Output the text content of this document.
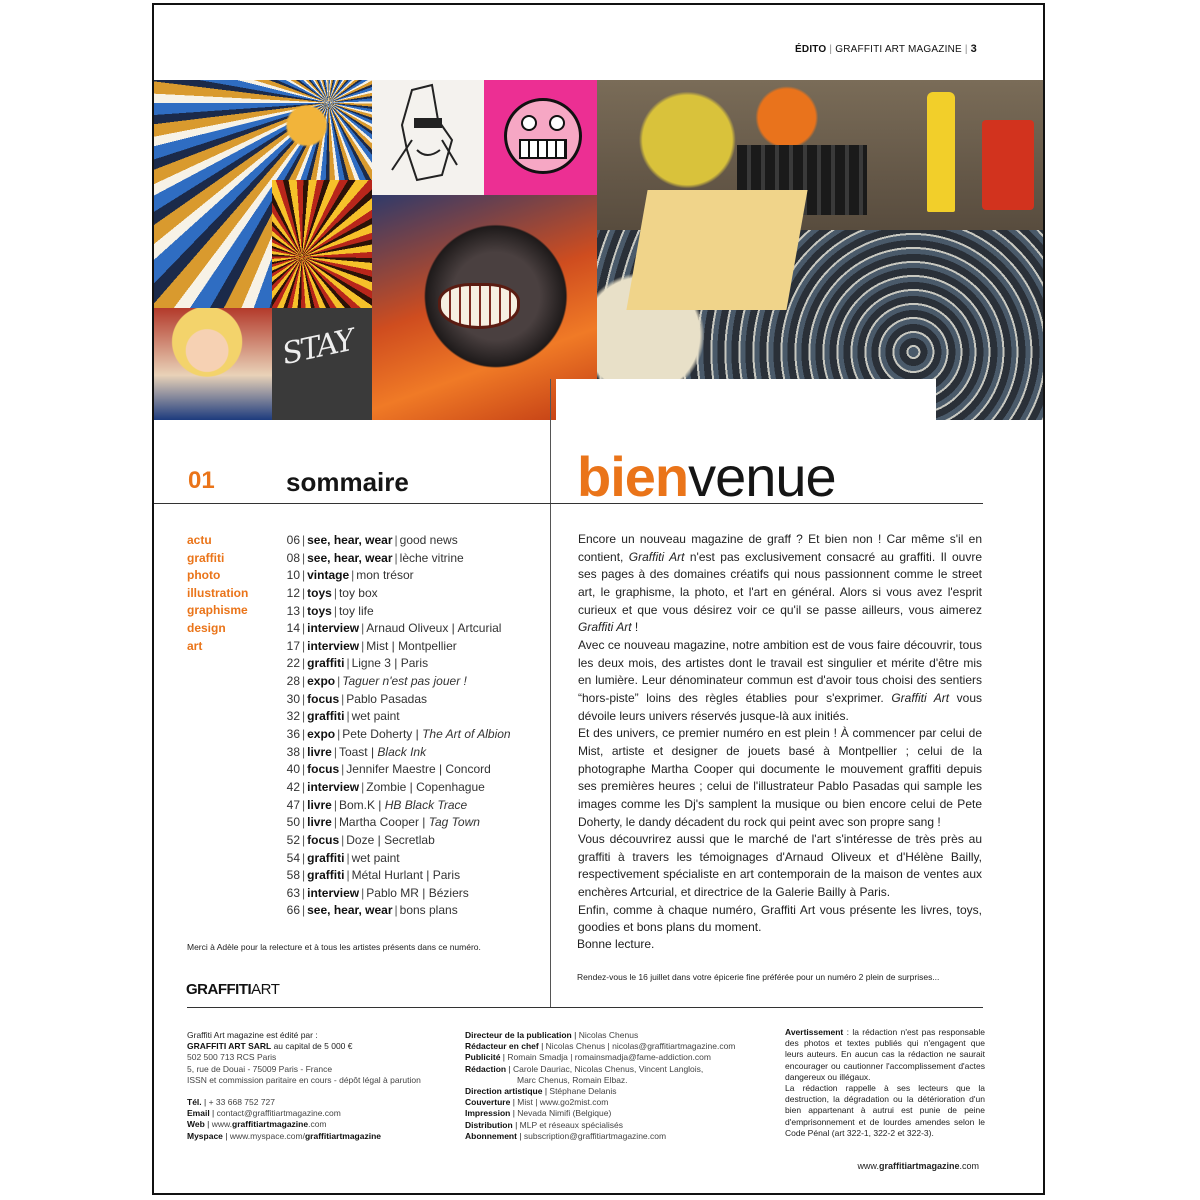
ÉDITO | GRAFFITI ART MAGAZINE | 3
STAY
01	sommaire
actu
graffiti
photo
illustration
graphisme
design
art
06 | see, hear, wear | good news
08 | see, hear, wear | lèche vitrine
10 | vintage | mon trésor
12 | toys | toy box
13 | toys | toy life
14 | interview | Arnaud Oliveux | Artcurial
17 | interview | Mist | Montpellier
22 | graffiti | Ligne 3 | Paris
28 | expo | Taguer n'est pas jouer !
30 | focus | Pablo Pasadas
32 | graffiti | wet paint
36 | expo | Pete Doherty | The Art of Albion
38 | livre | Toast | Black Ink
40 | focus | Jennifer Maestre | Concord
42 | interview | Zombie | Copenhague
47 | livre | Bom.K | HB Black Trace
50 | livre | Martha Cooper | Tag Town
52 | focus | Doze | Secretlab
54 | graffiti | wet paint
58 | graffiti | Métal Hurlant | Paris
63 | interview | Pablo MR | Béziers
66 | see, hear, wear | bons plans
Merci à Adèle pour la relecture et à tous les artistes présents dans ce numéro.
GRAFFITIART
bienvenue

Encore un nouveau magazine de graff ? Et bien non ! Car même s'il en contient, Graffiti Art n'est pas exclusivement consacré au graffiti. Il ouvre ses pages à des domaines créatifs qui nous passionnent comme le street art, le graphisme, la photo, et l'art en général. Alors si vous avez l'esprit curieux et que vous désirez voir ce qu'il se passe ailleurs, vous aimerez Graffiti Art !

Avec ce nouveau magazine, notre ambition est de vous faire découvrir, tous les deux mois, des artistes dont le travail est singulier et mérite d'être mis en lumière. Leur dénominateur commun est d'avoir tous choisi des sentiers “hors-piste” loins des règles établies pour s'exprimer. Graffiti Art vous dévoile leurs univers réservés jusque-là aux initiés.

Et des univers, ce premier numéro en est plein ! À commencer par celui de Mist, artiste et designer de jouets basé à Montpellier ; celui de la photographe Martha Cooper qui documente le mouvement graffiti depuis ses premières heures ; celui de l'illustrateur Pablo Pasadas qui sample les images comme les Dj's samplent la musique ou bien encore celui de Pete Doherty, le dandy décadent du rock qui peint avec son propre sang !

Vous découvrirez aussi que le marché de l'art s'intéresse de très près au graffiti à travers les témoignages d'Arnaud Oliveux et d'Hélène Bailly, respectivement spécialiste en art contemporain de la maison de ventes aux enchères Artcurial, et directrice de la Galerie Bailly à Paris.

Enfin, comme à chaque numéro, Graffiti Art vous présente les livres, toys, goodies et bons plans du moment.

Bonne lecture.
Rendez-vous le 16 juillet dans votre épicerie fine préférée pour un numéro 2 plein de surprises...
Graffiti Art magazine est édité par :
GRAFFITI ART SARL au capital de 5 000 €
502 500 713 RCS Paris
5, rue de Douai - 75009 Paris - France
ISSN et commission paritaire en cours - dépôt légal à parution
Tél. | + 33 668 752 727
Email | contact@graffitiartmagazine.com
Web | www.graffitiartmagazine.com
Myspace | www.myspace.com/graffitiartmagazine
Directeur de la publication | Nicolas Chenus
Rédacteur en chef | Nicolas Chenus | nicolas@graffitiartmagazine.com
Publicité | Romain Smadja | romainsmadja@fame-addiction.com
Rédaction | Carole Dauriac, Nicolas Chenus, Vincent Langlois,
Marc Chenus, Romain Elbaz.
Direction artistique | Stéphane Delanis
Couverture | Mist | www.go2mist.com
Impression | Nevada Nimifi (Belgique)
Distribution | MLP et réseaux spécialisés
Abonnement | subscription@graffitiartmagazine.com
Avertissement : la rédaction n'est pas responsable des photos et textes publiés qui n'engagent que leurs auteurs. En aucun cas la rédaction ne saurait encourager ou cautionner l'accomplissement d'actes dangereux ou illégaux.
La rédaction rappelle à ses lecteurs que la destruction, la dégradation ou la détérioration d'un bien appartenant à autrui est punie de peine d'emprisonnement et de lourdes amendes selon le Code Pénal (art 322-1, 322-2 et 322-3).
www.graffitiartmagazine.com
